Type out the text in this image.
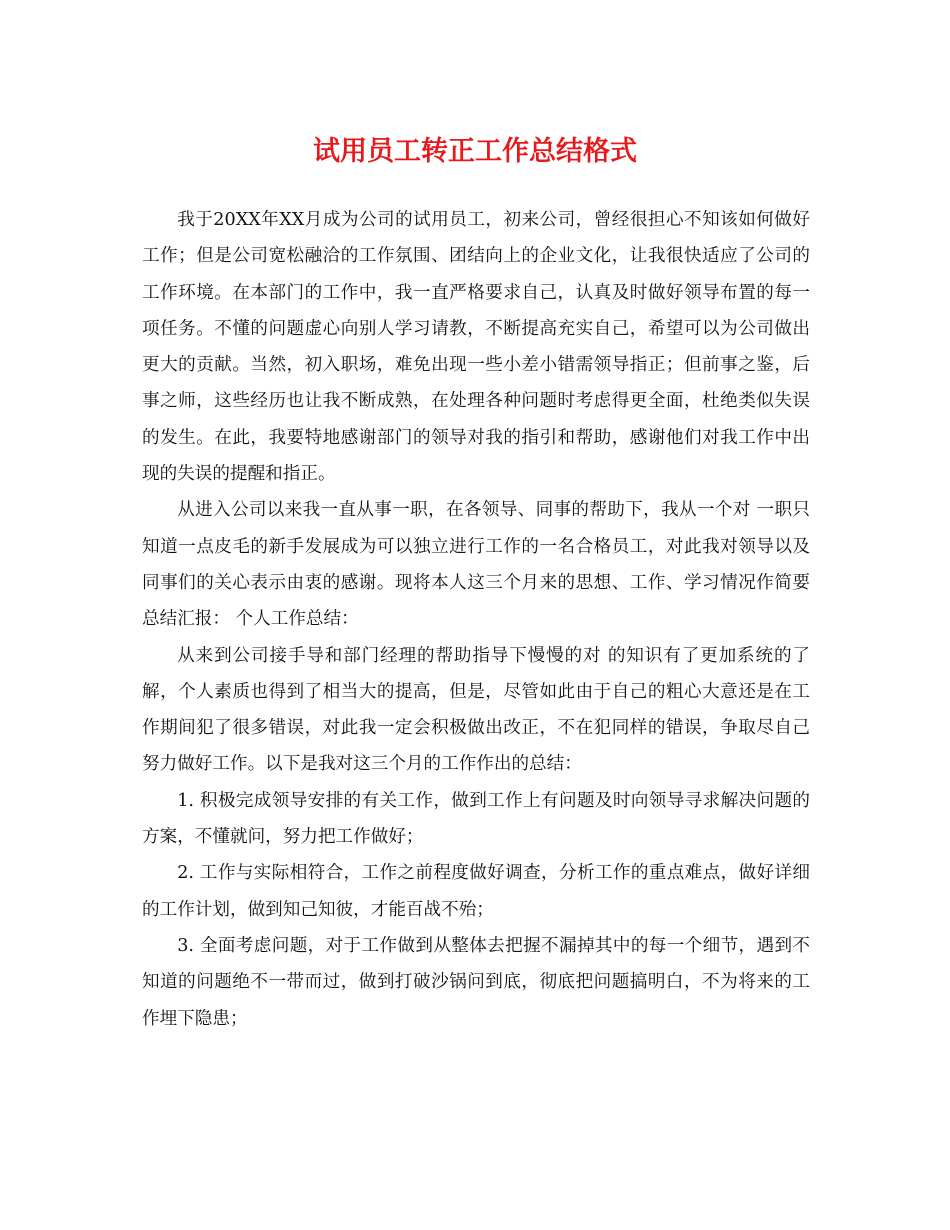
试用员工转正工作总结格式

我于20XX年XX月成为公司的试用员工，初来公司，曾经很担心不知该如何做好工作；但是公司宽松融洽的工作氛围、团结向上的企业文化，让我很快适应了公司的工作环境。在本部门的工作中，我一直严格要求自己，认真及时做好领导布置的每一项任务。不懂的问题虚心向别人学习请教，不断提高充实自己，希望可以为公司做出更大的贡献。当然，初入职场，难免出现一些小差小错需领导指正；但前事之鉴，后事之师，这些经历也让我不断成熟，在处理各种问题时考虑得更全面，杜绝类似失误的发生。在此，我要特地感谢部门的领导对我的指引和帮助，感谢他们对我工作中出现的失误的提醒和指正。

从进入公司以来我一直从事一职，在各领导、同事的帮助下，我从一个对 一职只知道一点皮毛的新手发展成为可以独立进行工作的一名合格员工，对此我对领导以及同事们的关心表示由衷的感谢。现将本人这三个月来的思想、工作、学习情况作简要总结汇报： 个人工作总结：

从来到公司接手导和部门经理的帮助指导下慢慢的对 的知识有了更加系统的了解，个人素质也得到了相当大的提高，但是，尽管如此由于自己的粗心大意还是在工作期间犯了很多错误，对此我一定会积极做出改正，不在犯同样的错误，争取尽自己努力做好工作。以下是我对这三个月的工作作出的总结：

1. 积极完成领导安排的有关工作，做到工作上有问题及时向领导寻求解决问题的方案，不懂就问，努力把工作做好；

2. 工作与实际相符合，工作之前程度做好调查，分析工作的重点难点，做好详细的工作计划，做到知己知彼，才能百战不殆；

3. 全面考虑问题，对于工作做到从整体去把握不漏掉其中的每一个细节，遇到不知道的问题绝不一带而过，做到打破沙锅问到底，彻底把问题搞明白，不为将来的工作埋下隐患；
